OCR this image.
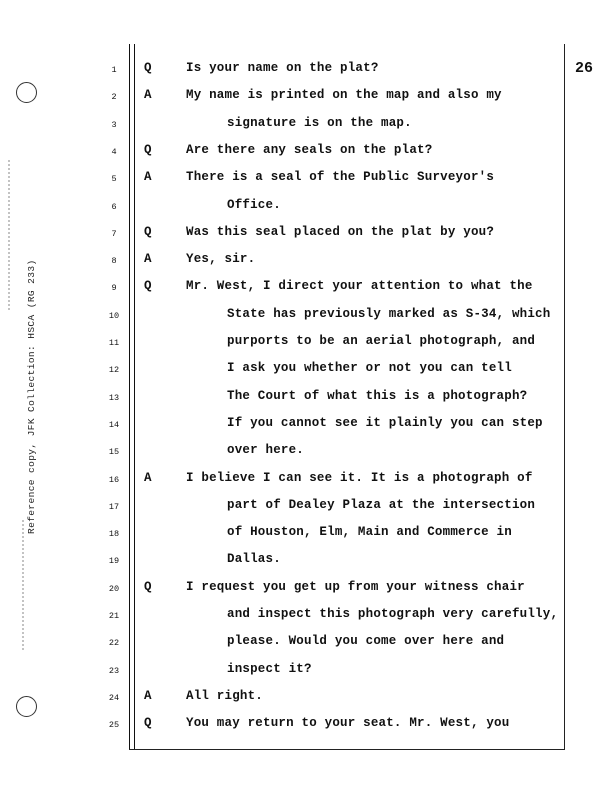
Reference copy, JFK Collection: HSCA (RG 233)
26
1	Q	Is your name on the plat?
2	A	My name is printed on the map and also my
3	signature is on the map.
4	Q	Are there any seals on the plat?
5	A	There is a seal of the Public Surveyor's
6	Office.
7	Q	Was this seal placed on the plat by you?
8	A	Yes, sir.
9	Q	Mr. West, I direct your attention to what the
10	State has previously marked as S-34, which
11	purports to be an aerial photograph, and
12	I ask you whether or not you can tell
13	The Court of what this is a photograph?
14	If you cannot see it plainly you can step
15	over here.
16	A	I believe I can see it. It is a photograph of
17	part of Dealey Plaza at the intersection
18	of Houston, Elm, Main and Commerce in
19	Dallas.
20	Q	I request you get up from your witness chair
21	and inspect this photograph very carefully,
22	please. Would you come over here and
23	inspect it?
24	A	All right.
25	Q	You may return to your seat. Mr. West, you
